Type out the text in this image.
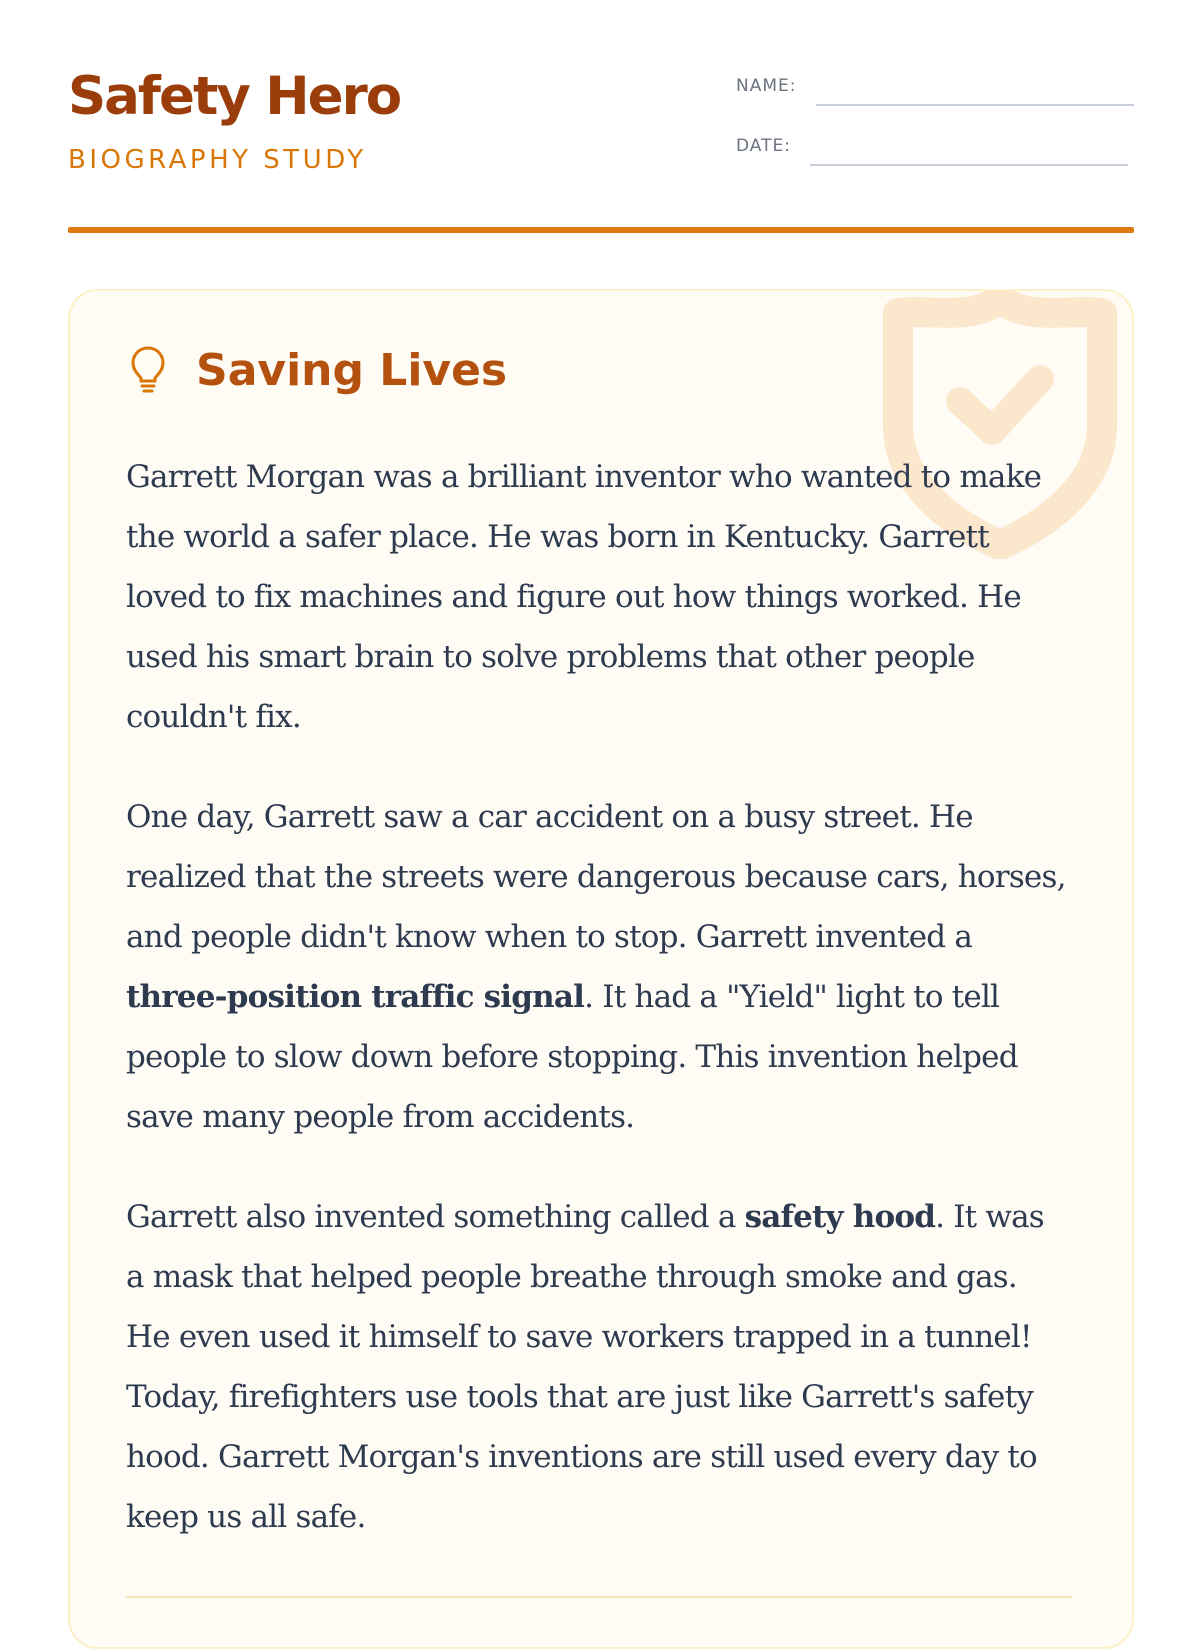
Safety Hero
BIOGRAPHY STUDY
NAME:
DATE:
Saving Lives

Garrett Morgan was a brilliant inventor who wanted to make the world a safer place. He was born in Kentucky. Garrett loved to fix machines and figure out how things worked. He used his smart brain to solve problems that other people couldn't fix.

One day, Garrett saw a car accident on a busy street. He realized that the streets were dangerous because cars, horses, and people didn't know when to stop. Garrett invented a three-position traffic signal. It had a "Yield" light to tell people to slow down before stopping. This invention helped save many people from accidents.

Garrett also invented something called a safety hood. It was a mask that helped people breathe through smoke and gas. He even used it himself to save workers trapped in a tunnel! Today, firefighters use tools that are just like Garrett's safety hood. Garrett Morgan's inventions are still used every day to keep us all safe.
